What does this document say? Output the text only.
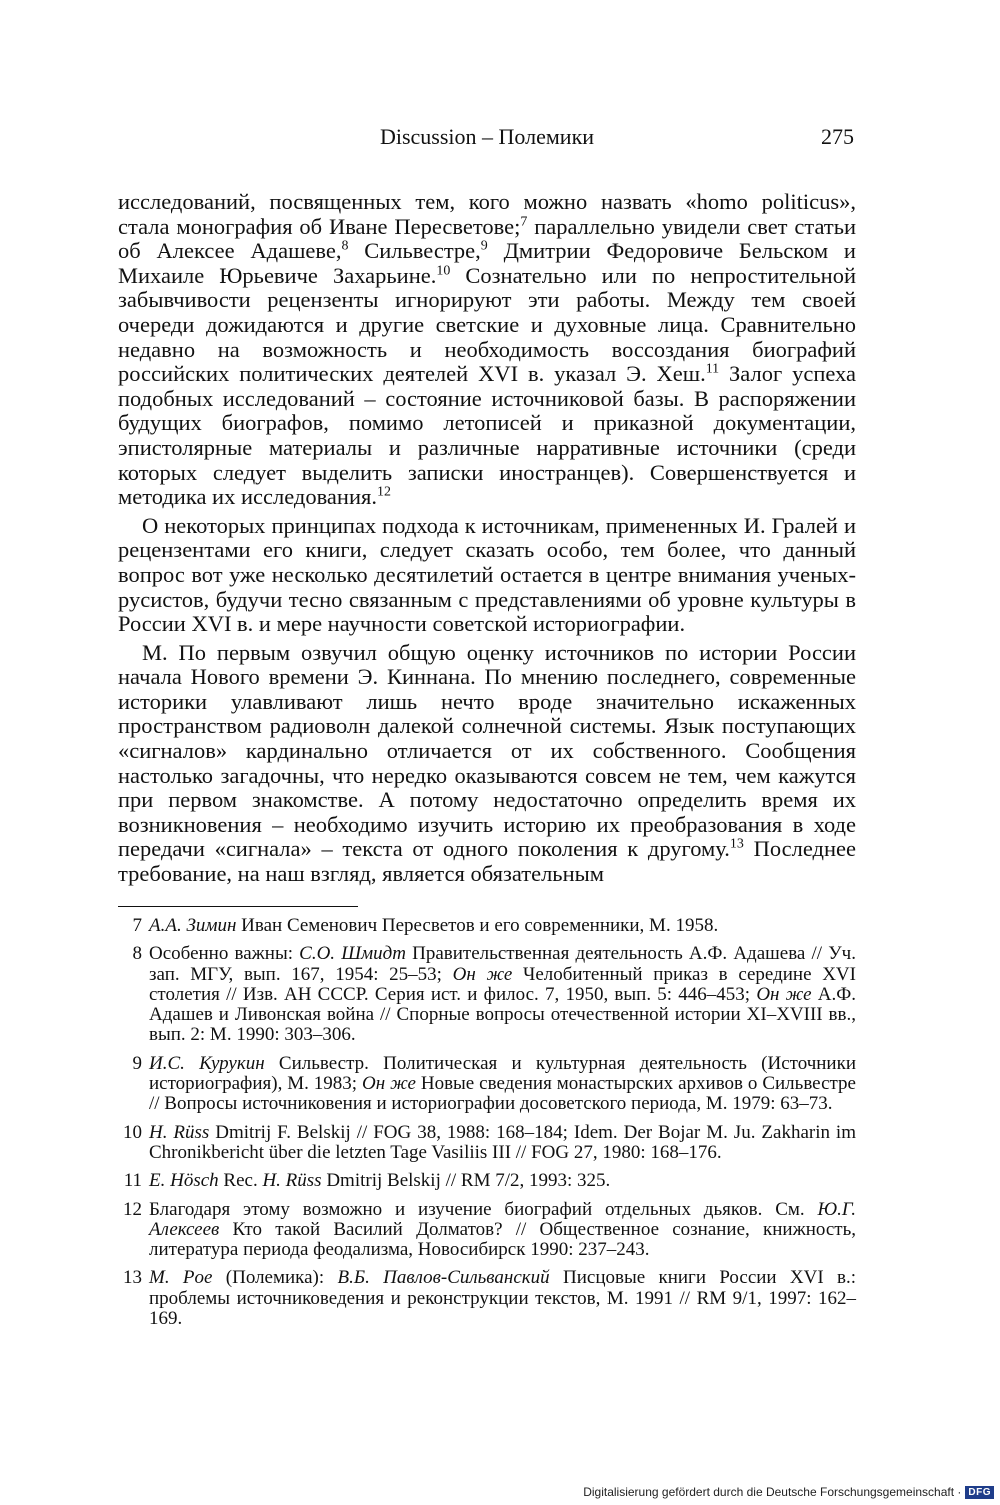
Discussion – Полемики	275

исследований, посвященных тем, кого можно назвать «homo politicus», стала монография об Иване Пересветове;$^7$ параллельно увидели свет статьи об Алексее Адашеве,$^8$ Сильвестре,$^9$ Дмитрии Федоровиче Бельском и Михаиле Юрьевиче Захарьине.$^{10}$ Сознательно или по непростительной забывчивости рецензенты игнорируют эти работы. Между тем своей очереди дожидаются и другие светские и духовные лица. Сравнительно недавно на возможность и необходимость воссоздания биографий российских политических деятелей XVI в. указал Э. Хеш.$^{11}$ Залог успеха подобных исследований – состояние источниковой базы. В распоряжении будущих биографов, помимо летописей и приказной документации, эпистолярные материалы и различные нарративные источники (среди которых следует выделить записки иностранцев). Совершенствуется и методика их исследования.$^{12}$

О некоторых принципах подхода к источникам, примененных И. Гралей и рецензентами его книги, следует сказать особо, тем более, что данный вопрос вот уже несколько десятилетий остается в центре внимания ученых-русистов, будучи тесно связанным с представлениями об уровне культуры в России XVI в. и мере научности советской историографии.

М. По первым озвучил общую оценку источников по истории России начала Нового времени Э. Киннана. По мнению последнего, современные историки улавливают лишь нечто вроде значительно искаженных пространством радиоволн далекой солнечной системы. Язык поступающих «сигналов» кардинально отличается от их собственного. Сообщения настолько загадочны, что нередко оказываются совсем не тем, чем кажутся при первом знакомстве. А потому недостаточно определить время их возникновения – необходимо изучить историю их преобразования в ходе передачи «сигнала» – текста от одного поколения к другому.$^{13}$ Последнее требование, на наш взгляд, является обязательным

7 А.А. Зимин Иван Семенович Пересветов и его современники, М. 1958.
8 Особенно важны: С.О. Шмидт Правительственная деятельность А.Ф. Адашева // Уч. зап. МГУ, вып. 167, 1954: 25–53; Он же Челобитенный приказ в середине XVI столетия // Изв. АН СССР. Серия ист. и филос. 7, 1950, вып. 5: 446–453; Он же А.Ф. Адашев и Ливонская война // Спорные вопросы отечественной истории XI–XVIII вв., вып. 2: М. 1990: 303–306.
9 И.С. Курукин Сильвестр. Политическая и культурная деятельность (Источники историография), М. 1983; Он же Новые сведения монастырских архивов о Сильвестре // Вопросы источниковения и историографии досоветского периода, М. 1979: 63–73.
10 H. Rüss Dmitrij F. Belskij // FOG 38, 1988: 168–184; Idem. Der Bojar M. Ju. Zakharin im Chronikbericht über die letzten Tage Vasiliis III // FOG 27, 1980: 168–176.
11 E. Hösch Rec. H. Rüss Dmitrij Belskij // RM 7/2, 1993: 325.
12 Благодаря этому возможно и изучение биографий отдельных дьяков. См. Ю.Г. Алексеев Кто такой Василий Долматов? // Общественное сознание, книжность, литература периода феодализма, Новосибирск 1990: 237–243.
13 M. Poe (Полемика): В.Б. Павлов-Сильванский Писцовые книги России XVI в.: проблемы источниковедения и реконструкции текстов, М. 1991 // RM 9/1, 1997: 162–169.
Digitalisierung gefördert durch die Deutsche Forschungsgemeinschaft · DFG
